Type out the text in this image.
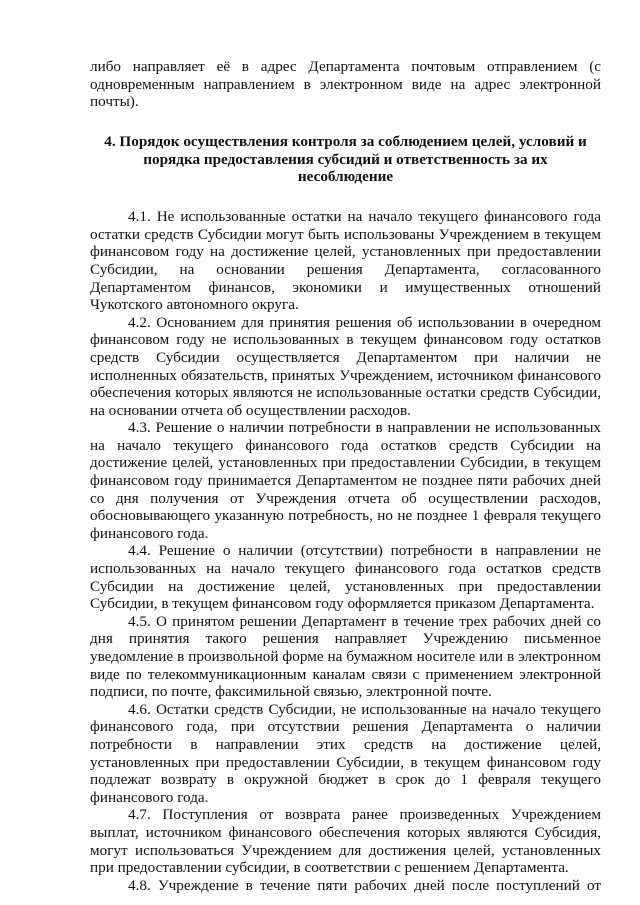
либо направляет её в адрес Департамента почтовым отправлением (с одновременным направлением в электронном виде на адрес электронной почты).

4. Порядок осуществления контроля за соблюдением целей, условий и порядка предоставления субсидий и ответственность за их несоблюдение

4.1. Не использованные остатки на начало текущего финансового года остатки средств Субсидии могут быть использованы Учреждением в текущем финансовом году на достижение целей, установленных при предоставлении Субсидии, на основании решения Департамента, согласованного Департаментом финансов, экономики и имущественных отношений Чукотского автономного округа.

4.2. Основанием для принятия решения об использовании в очередном финансовом году не использованных в текущем финансовом году остатков средств Субсидии осуществляется Департаментом при наличии не исполненных обязательств, принятых Учреждением, источником финансового обеспечения которых являются не использованные остатки средств Субсидии, на основании отчета об осуществлении расходов.

4.3. Решение о наличии потребности в направлении не использованных на начало текущего финансового года остатков средств Субсидии на достижение целей, установленных при предоставлении Субсидии, в текущем финансовом году принимается Департаментом не позднее пяти рабочих дней со дня получения от Учреждения отчета об осуществлении расходов, обосновывающего указанную потребность, но не позднее 1 февраля текущего финансового года.

4.4. Решение о наличии (отсутствии) потребности в направлении не использованных на начало текущего финансового года остатков средств Субсидии на достижение целей, установленных при предоставлении Субсидии, в текущем финансовом году оформляется приказом Департамента.

4.5. О принятом решении Департамент в течение трех рабочих дней со дня принятия такого решения направляет Учреждению письменное уведомление в произвольной форме на бумажном носителе или в электронном виде по телекоммуникационным каналам связи с применением электронной подписи, по почте, факсимильной связью, электронной почте.

4.6. Остатки средств Субсидии, не использованные на начало текущего финансового года, при отсутствии решения Департамента о наличии потребности в направлении этих средств на достижение целей, установленных при предоставлении Субсидии, в текущем финансовом году подлежат возврату в окружной бюджет в срок до 1 февраля текущего финансового года.

4.7. Поступления от возврата ранее произведенных Учреждением выплат, источником финансового обеспечения которых являются Субсидия, могут использоваться Учреждением для достижения целей, установленных при предоставлении субсидии, в соответствии с решением Департамента.

4.8. Учреждение в течение пяти рабочих дней после поступлений от
